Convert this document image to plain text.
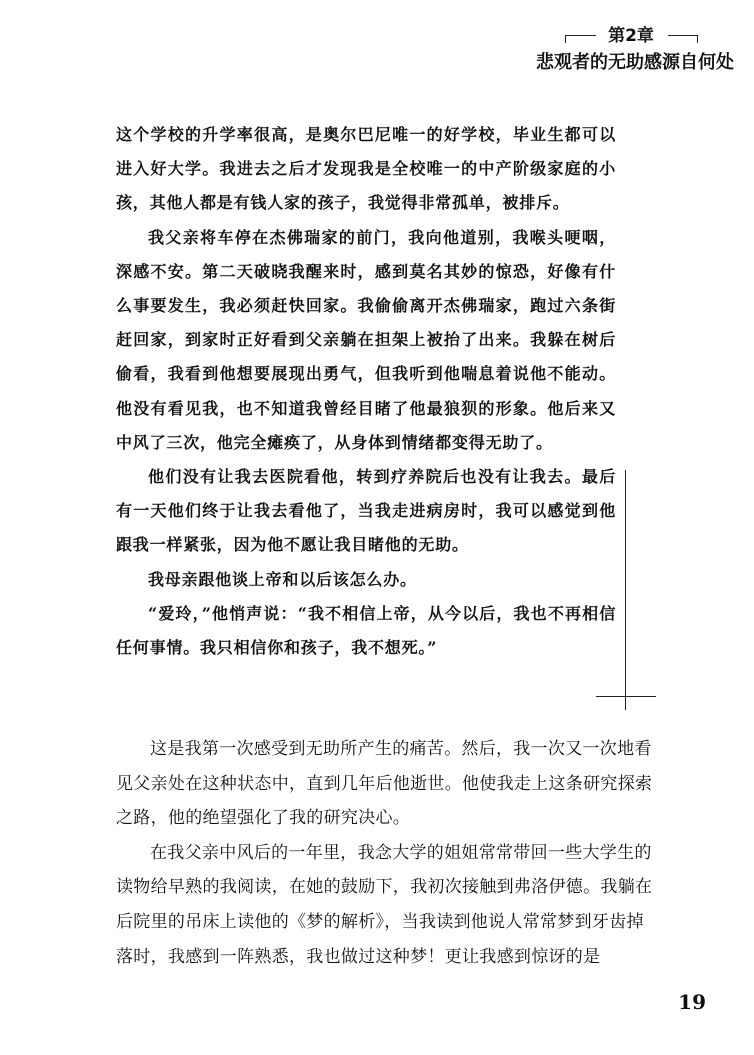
第2章
悲观者的无助感源自何处

这个学校的升学率很高，是奥尔巴尼唯一的好学校，毕业生都可以进入好大学。我进去之后才发现我是全校唯一的中产阶级家庭的小孩，其他人都是有钱人家的孩子，我觉得非常孤单，被排斥。

我父亲将车停在杰佛瑞家的前门，我向他道别，我喉头哽咽，深感不安。第二天破晓我醒来时，感到莫名其妙的惊恐，好像有什么事要发生，我必须赶快回家。我偷偷离开杰佛瑞家，跑过六条街赶回家，到家时正好看到父亲躺在担架上被抬了出来。我躲在树后偷看，我看到他想要展现出勇气，但我听到他喘息着说他不能动。他没有看见我，也不知道我曾经目睹了他最狼狈的形象。他后来又中风了三次，他完全瘫痪了，从身体到情绪都变得无助了。

他们没有让我去医院看他，转到疗养院后也没有让我去。最后有一天他们终于让我去看他了，当我走进病房时，我可以感觉到他跟我一样紧张，因为他不愿让我目睹他的无助。

我母亲跟他谈上帝和以后该怎么办。

“爱玲，”他悄声说：“我不相信上帝，从今以后，我也不再相信任何事情。我只相信你和孩子，我不想死。”

这是我第一次感受到无助所产生的痛苦。然后，我一次又一次地看见父亲处在这种状态中，直到几年后他逝世。他使我走上这条研究探索之路，他的绝望强化了我的研究决心。

在我父亲中风后的一年里，我念大学的姐姐常常带回一些大学生的读物给早熟的我阅读，在她的鼓励下，我初次接触到弗洛伊德。我躺在后院里的吊床上读他的《梦的解析》，当我读到他说人常常梦到牙齿掉落时，我感到一阵熟悉，我也做过这种梦！更让我感到惊讶的是

19
